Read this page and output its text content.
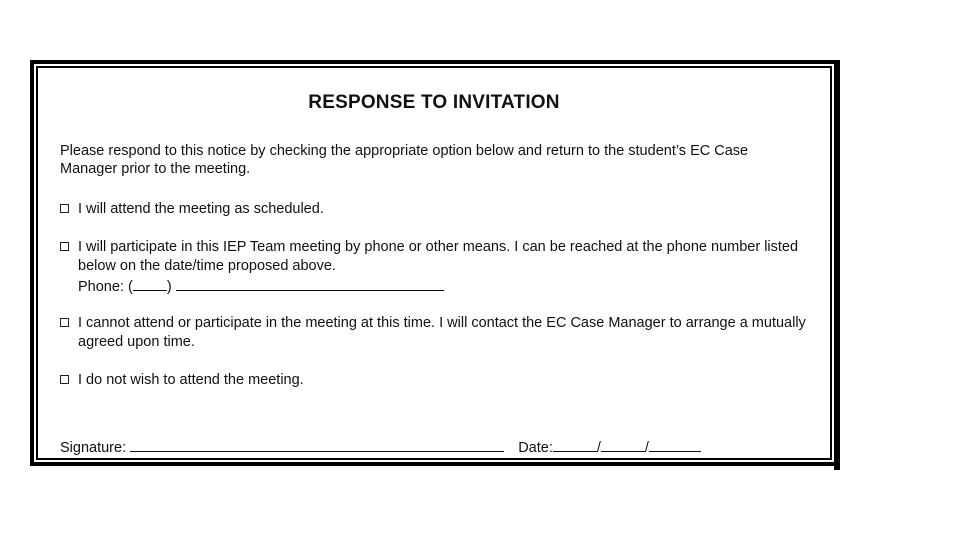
RESPONSE TO INVITATION
Please respond to this notice by checking the appropriate option below and return to the student’s EC Case Manager prior to the meeting.
I will attend the meeting as scheduled.
I will participate in this IEP Team meeting by phone or other means. I can be reached at the phone number listed below on the date/time proposed above.
Phone: ( )
I cannot attend or participate in the meeting at this time. I will contact the EC Case Manager to arrange a mutually agreed upon time.
I do not wish to attend the meeting.
Signature:	Date:	/	/
